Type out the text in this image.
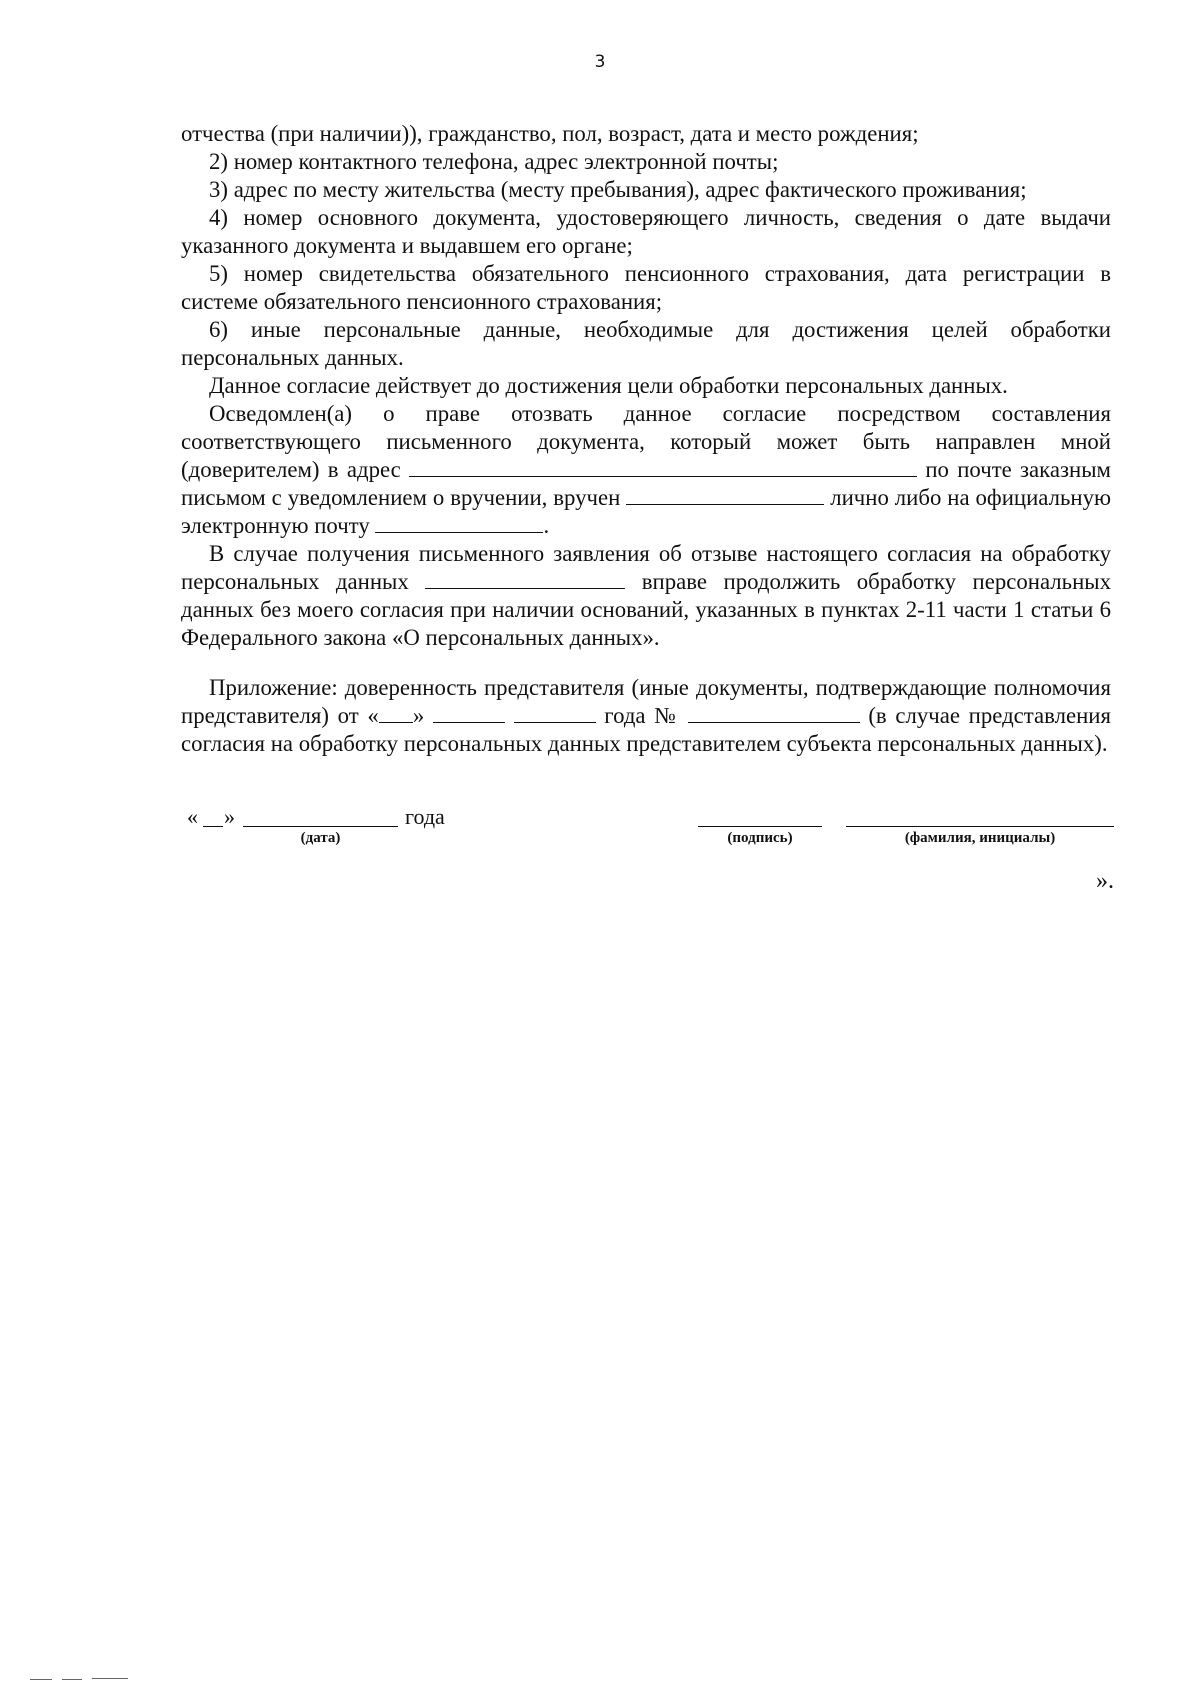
3

отчества (при наличии)), гражданство, пол, возраст, дата и место рождения;

2) номер контактного телефона, адрес электронной почты;

3) адрес по месту жительства (месту пребывания), адрес фактического проживания;

4) номер основного документа, удостоверяющего личность, сведения о дате выдачи указанного документа и выдавшем его органе;

5) номер свидетельства обязательного пенсионного страхования, дата регистрации в системе обязательного пенсионного страхования;

6) иные персональные данные, необходимые для достижения целей обработки персональных данных.

Данное согласие действует до достижения цели обработки персональных данных.

Осведомлен(а) о праве отозвать данное согласие посредством составления соответствующего письменного документа, который может быть направлен мной (доверителем) в адрес	по почте заказным письмом с уведомлением о вручении, вручен	лично либо на официальную электронную почту	.

В случае получения письменного заявления об отзыве настоящего согласия на обработку персональных данных	вправе продолжить обработку персональных данных без моего согласия при наличии оснований, указанных в пунктах 2-11 части 1 статьи 6 Федерального закона «О персональных данных».

Приложение: доверенность представителя (иные документы, подтверждающие полномочия представителя) от « »	года №	(в случае представления согласия на обработку персональных данных представителем субъекта персональных данных).

« »	года
(дата)	(подпись)	(фамилия, инициалы)
».
